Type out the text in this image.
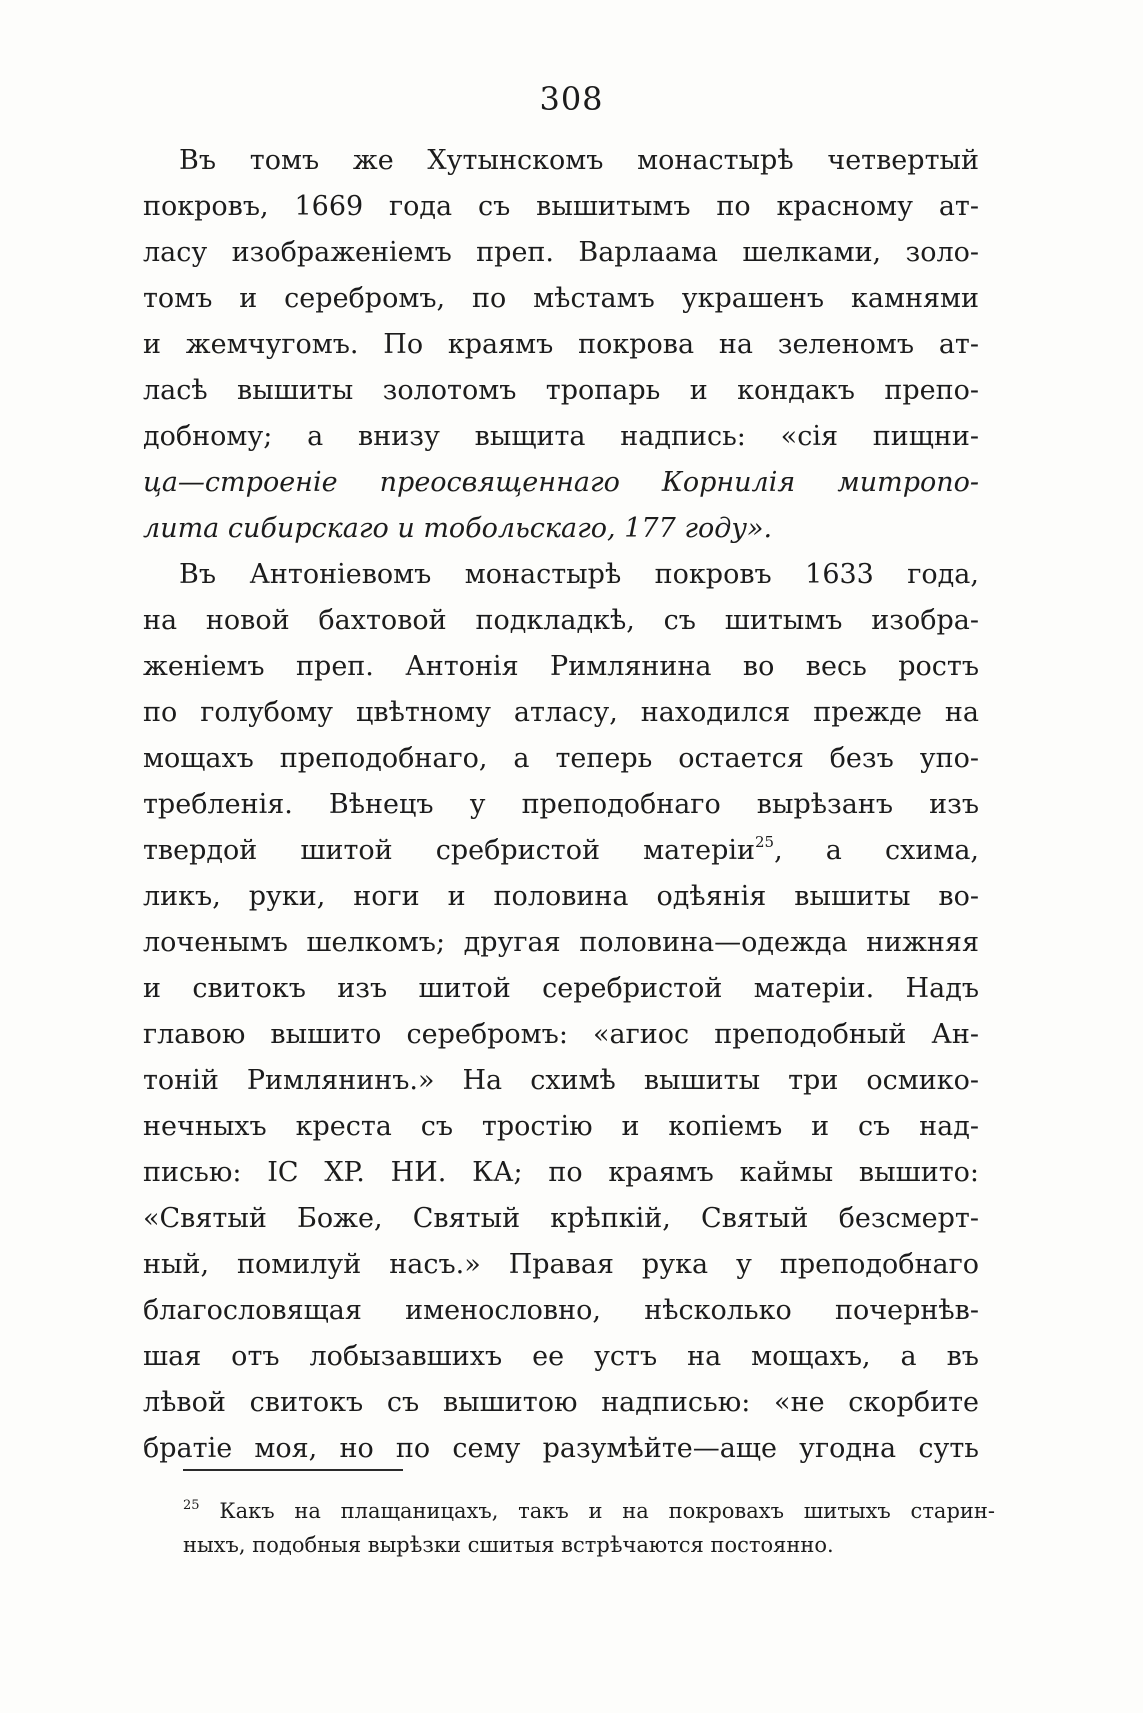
308
Въ томъ же Хутынскомъ монастырѣ четвертый
покровъ, 1669 года съ вышитымъ по красному ат-
ласу изображенiемъ преп. Варлаама шелками, золо-
томъ и серебромъ, по мѣстамъ украшенъ камнями
и жемчугомъ. По краямъ покрова на зеленомъ ат-
ласѣ вышиты золотомъ тропарь и кондакъ препо-
добному; а внизу выщита надпись: «сiя пищни-
ца—строенiе преосвященнаго Корнилiя митропо-
лита сибирскаго и тобольскаго, 177 году».
Въ Антонiевомъ монастырѣ покровъ 1633 года,
на новой бахтовой подкладкѣ, съ шитымъ изобра-
женiемъ преп. Антонiя Римлянина во весь ростъ
по голубому цвѣтному атласу, находился прежде на
мощахъ преподобнаго, а теперь остается безъ упо-
требленiя. Вѣнецъ у преподобнаго вырѣзанъ изъ
твердой шитой сребристой матерiи$^{25}$, а схима,
ликъ, руки, ноги и половина одѣянiя вышиты во-
лоченымъ шелкомъ; другая половина—одежда нижняя
и свитокъ изъ шитой серебристой матерiи. Надъ
главою вышито серебромъ: «агиос преподобный Ан-
тонiй Римлянинъ.» На схимѣ вышиты три осмико-
нечныхъ креста съ тростiю и копiемъ и съ над-
писью: IC XP. НИ. КА; по краямъ каймы вышито:
«Святый Боже, Святый крѣпкiй, Святый безсмерт-
ный, помилуй насъ.» Правая рука у преподобнаго
благословящая именословно, нѣсколько почернѣв-
шая отъ лобызавшихъ ее устъ на мощахъ, а въ
лѣвой свитокъ съ вышитою надписью: «не скорбите
братiе моя, но по сему разумѣйте—аще угодна суть
$^{25}$ Какъ на плащаницахъ, такъ и на покровахъ шитыхъ старин-
ныхъ, подобныя вырѣзки сшитыя встрѣчаются постоянно.
